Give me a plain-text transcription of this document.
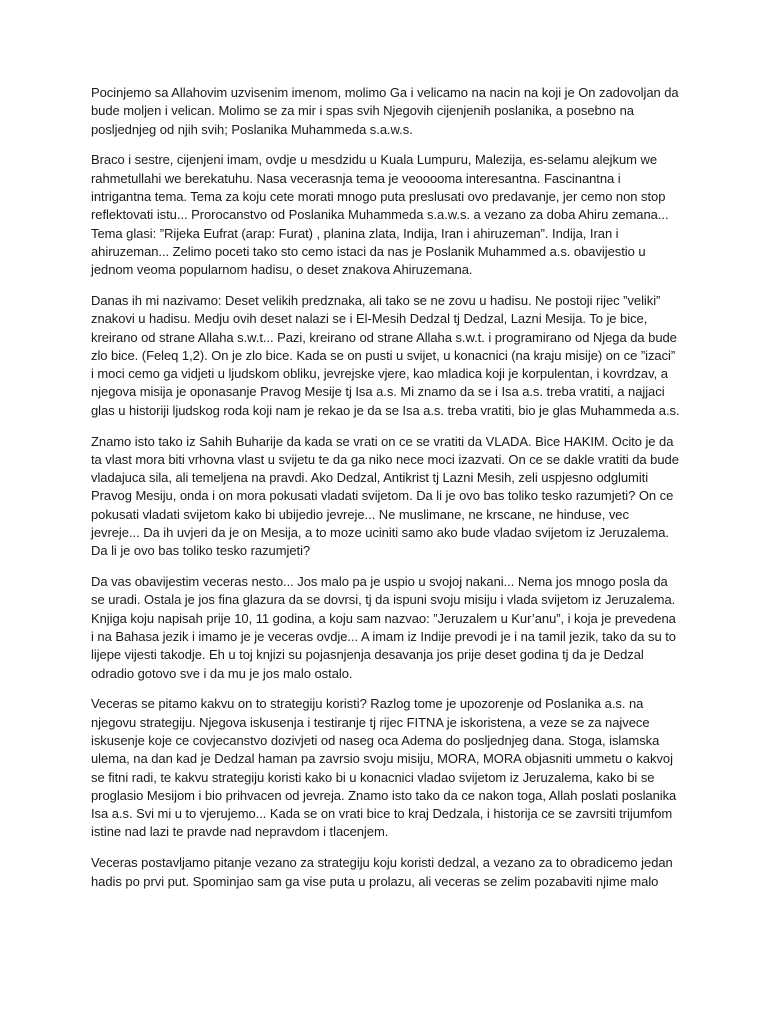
Pocinjemo sa Allahovim uzvisenim imenom, molimo Ga i velicamo na nacin na koji je On zadovoljan da bude moljen i velican. Molimo se za mir i spas svih Njegovih cijenjenih poslanika, a posebno na posljednjeg od njih svih; Poslanika Muhammeda s.a.w.s.

Braco i sestre, cijenjeni imam, ovdje u mesdzidu u Kuala Lumpuru, Malezija, es-selamu alejkum we rahmetullahi we berekatuhu. Nasa vecerasnja tema je veooooma interesantna. Fascinantna i intrigantna tema. Tema za koju cete morati mnogo puta preslusati ovo predavanje, jer cemo non stop reflektovati istu... Prorocanstvo od Poslanika Muhammeda s.a.w.s. a vezano za doba Ahiru zemana... Tema glasi: ”Rijeka Eufrat (arap: Furat) , planina zlata, Indija, Iran i ahiruzeman”. Indija, Iran i ahiruzeman... Zelimo poceti tako sto cemo istaci da nas je Poslanik Muhammed a.s. obavijestio u jednom veoma popularnom hadisu, o deset znakova Ahiruzemana.

Danas ih mi nazivamo: Deset velikih predznaka, ali tako se ne zovu u hadisu. Ne postoji rijec ”veliki” znakovi u hadisu. Medju ovih deset nalazi se i El-Mesih Dedzal tj Dedzal, Lazni Mesija. To je bice, kreirano od strane Allaha s.w.t... Pazi, kreirano od strane Allaha s.w.t. i programirano od Njega da bude zlo bice. (Feleq 1,2). On je zlo bice. Kada se on pusti u svijet, u konacnici (na kraju misije) on ce ”izaci” i moci cemo ga vidjeti u ljudskom obliku, jevrejske vjere, kao mladica koji je korpulentan, i kovrdzav, a njegova misija je oponasanje Pravog Mesije tj Isa a.s. Mi znamo da se i Isa a.s. treba vratiti, a najjaci glas u historiji ljudskog roda koji nam je rekao je da se Isa a.s. treba vratiti, bio je glas Muhammeda a.s.

Znamo isto tako iz Sahih Buharije da kada se vrati on ce se vratiti da VLADA. Bice HAKIM. Ocito je da ta vlast mora biti vrhovna vlast u svijetu te da ga niko nece moci izazvati. On ce se dakle vratiti da bude vladajuca sila, ali temeljena na pravdi. Ako Dedzal, Antikrist tj Lazni Mesih, zeli uspjesno odglumiti Pravog Mesiju, onda i on mora pokusati vladati svijetom. Da li je ovo bas toliko tesko razumjeti? On ce pokusati vladati svijetom kako bi ubijedio jevreje... Ne muslimane, ne krscane, ne hinduse, vec jevreje... Da ih uvjeri da je on Mesija, a to moze uciniti samo ako bude vladao svijetom iz Jeruzalema. Da li je ovo bas toliko tesko razumjeti?

Da vas obavijestim veceras nesto... Jos malo pa je uspio u svojoj nakani... Nema jos mnogo posla da se uradi. Ostala je jos fina glazura da se dovrsi, tj da ispuni svoju misiju i vlada svijetom iz Jeruzalema. Knjiga koju napisah prije 10, 11 godina, a koju sam nazvao: ”Jeruzalem u Kur’anu”, i koja je prevedena i na Bahasa jezik i imamo je je veceras ovdje... A imam iz Indije prevodi je i na tamil jezik, tako da su to lijepe vijesti takodje. Eh u toj knjizi su pojasnjenja desavanja jos prije deset godina tj da je Dedzal odradio gotovo sve i da mu je jos malo ostalo.

Veceras se pitamo kakvu on to strategiju koristi? Razlog tome je upozorenje od Poslanika a.s. na njegovu strategiju. Njegova iskusenja i testiranje tj rijec FITNA je iskoristena, a veze se za najvece iskusenje koje ce covjecanstvo dozivjeti od naseg oca Adema do posljednjeg dana. Stoga, islamska ulema, na dan kad je Dedzal haman pa zavrsio svoju misiju, MORA, MORA objasniti ummetu o kakvoj se fitni radi, te kakvu strategiju koristi kako bi u konacnici vladao svijetom iz Jeruzalema, kako bi se proglasio Mesijom i bio prihvacen od jevreja. Znamo isto tako da ce nakon toga, Allah poslati poslanika Isa a.s. Svi mi u to vjerujemo... Kada se on vrati bice to kraj Dedzala, i historija ce se zavrsiti trijumfom istine nad lazi te pravde nad nepravdom i tlacenjem.

Veceras postavljamo pitanje vezano za strategiju koju koristi dedzal, a vezano za to obradicemo jedan hadis po prvi put. Spominjao sam ga vise puta u prolazu, ali veceras se zelim pozabaviti njime malo
